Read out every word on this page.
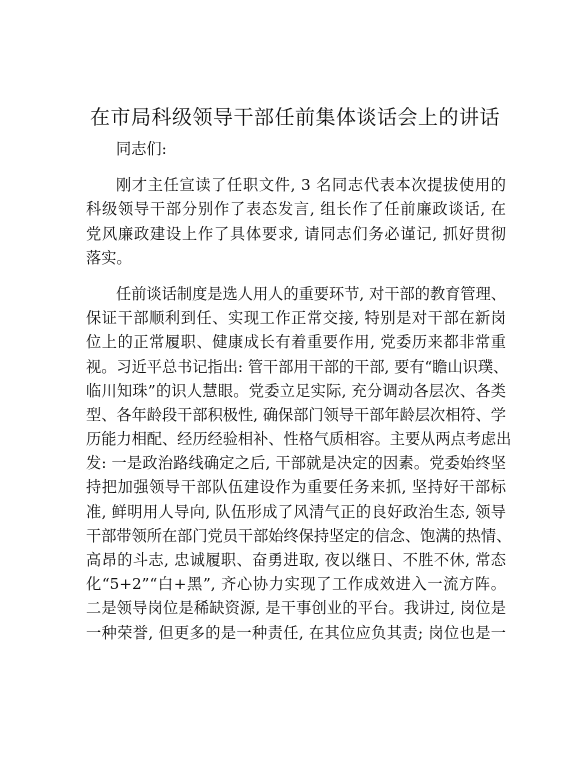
在市局科级领导干部任前集体谈话会上的讲话
同志们:
刚才主任宣读了任职文件, 3 名同志代表本次提拔使用的
科级领导干部分别作了表态发言, 组长作了任前廉政谈话, 在
党风廉政建设上作了具体要求, 请同志们务必谨记, 抓好贯彻
落实。
任前谈话制度是选人用人的重要环节, 对干部的教育管理、
保证干部顺利到任、实现工作正常交接, 特别是对干部在新岗
位上的正常履职、健康成长有着重要作用, 党委历来都非常重
视。习近平总书记指出: 管干部用干部的干部, 要有“瞻山识璞、
临川知珠”的识人慧眼。党委立足实际, 充分调动各层次、各类
型、各年龄段干部积极性, 确保部门领导干部年龄层次相符、学
历能力相配、经历经验相补、性格气质相容。主要从两点考虑出
发: 一是政治路线确定之后, 干部就是决定的因素。党委始终坚
持把加强领导干部队伍建设作为重要任务来抓, 坚持好干部标
准, 鲜明用人导向, 队伍形成了风清气正的良好政治生态, 领导
干部带领所在部门党员干部始终保持坚定的信念、饱满的热情、
高昂的斗志, 忠诚履职、奋勇进取, 夜以继日、不胜不休, 常态
化“5+2”“白+黑”, 齐心协力实现了工作成效进入一流方阵。
二是领导岗位是稀缺资源, 是干事创业的平台。我讲过, 岗位是
一种荣誉, 但更多的是一种责任, 在其位应负其责; 岗位也是一
